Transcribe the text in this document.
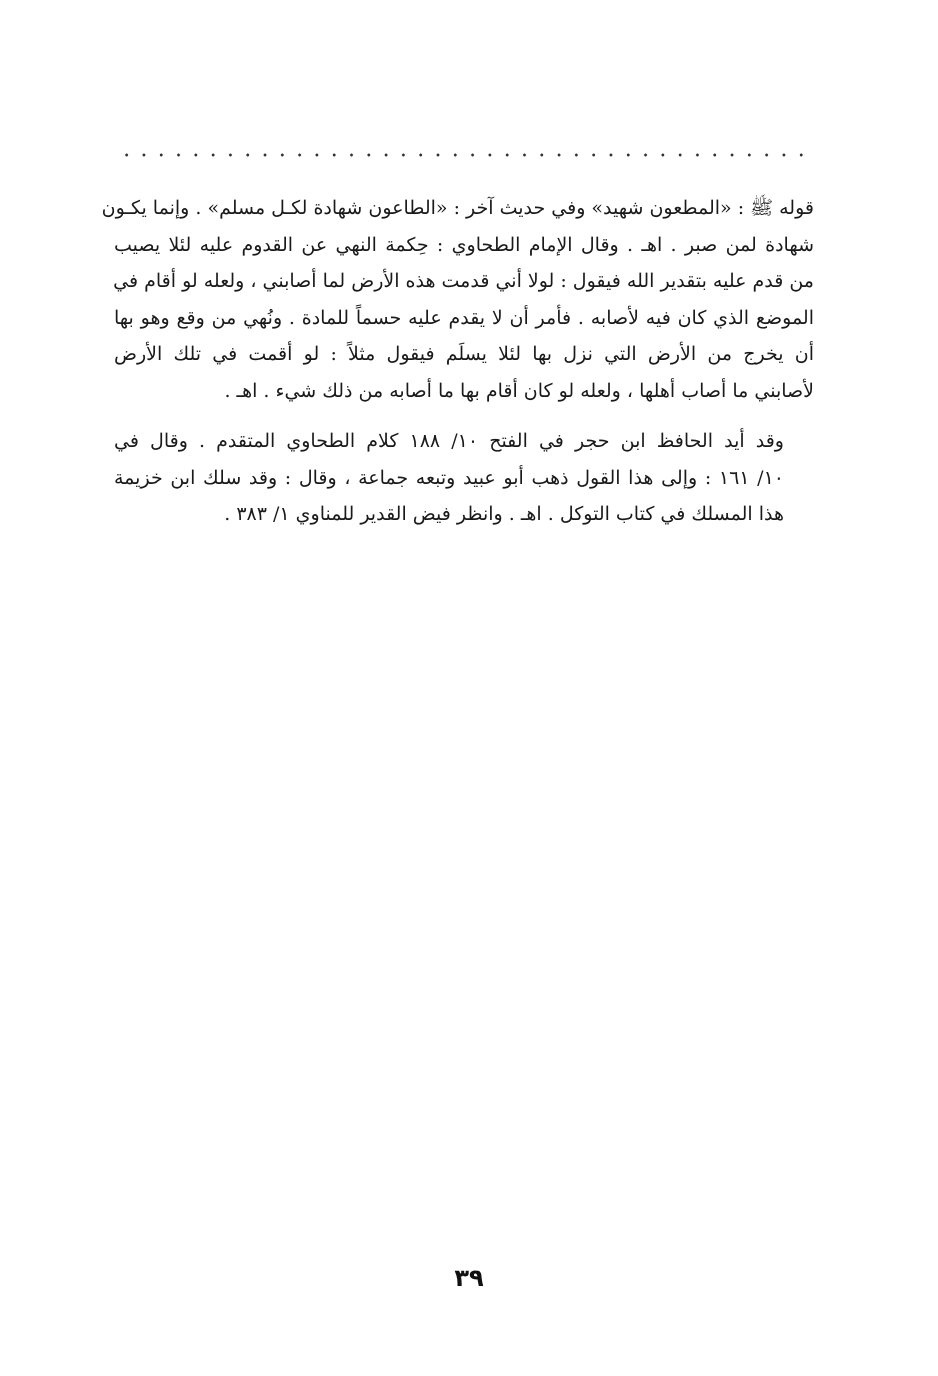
قوله ﷺ : «المطعون شهيد» وفي حديث آخر : «الطاعون شهادة لكـل مسلم» . وإنما يكـون
شهادة لمن صبر . اهـ . وقال الإمام الطحاوي : حِكمة النهي عن القدوم عليه لئلا يصيب
من قدم عليه بتقدير الله فيقول : لولا أني قدمت هذه الأرض لما أصابني ، ولعله لو أقام في
الموضع الذي كان فيه لأصابه . فأمر أن لا يقدم عليه حسماً للمادة . ونُهي من وقع وهو بها
أن يخرج من الأرض التي نزل بها لئلا يسلَم فيقول مثلاً : لو أقمت في تلك الأرض
لأصابني ما أصاب أهلها ، ولعله لو كان أقام بها ما أصابه من ذلك شيء . اهـ .

وقد أيد الحافظ ابن حجر في الفتح ١٠/ ١٨٨ كلام الطحاوي المتقدم . وقال في
١٠/ ١٦١ : وإلى هذا القول ذهب أبو عبيد وتبعه جماعة ، وقال : وقد سلك ابن خزيمة
هذا المسلك في كتاب التوكل . اهـ . وانظر فيض القدير للمناوي ١/ ٣٨٣ .

٣٩
